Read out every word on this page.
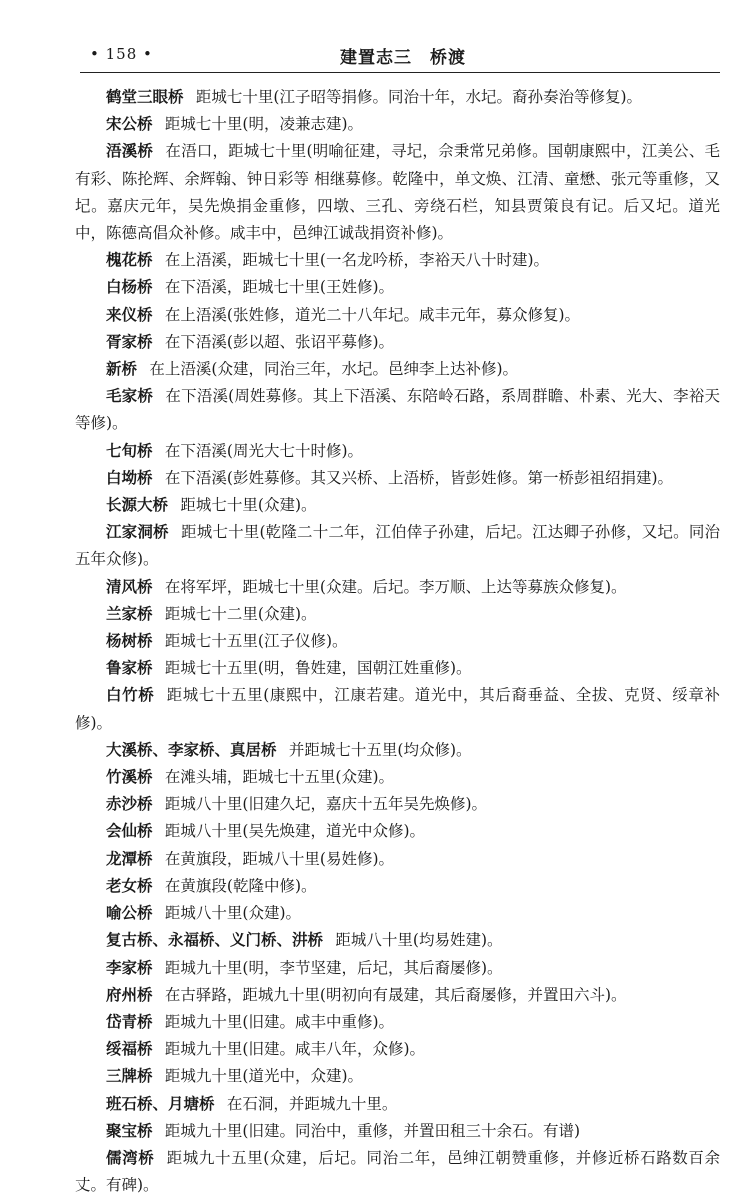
• 158 •	建置志三　桥渡

鹤堂三眼桥 距城七十里(江子昭等捐修。同治十年，水圮。裔孙奏治等修复)。

宋公桥 距城七十里(明，凌兼志建)。

浯溪桥 在浯口，距城七十里(明喻征建，寻圮，佘秉常兄弟修。国朝康熙中，江美公、毛有彩、陈抡辉、余辉翰、钟日彩等 相继募修。乾隆中，单文焕、江清、童懋、张元等重修，又圮。嘉庆元年，吴先焕捐金重修，四墩、三孔、旁绕石栏，知县贾策良有记。后又圮。道光中，陈德高倡众补修。咸丰中，邑绅江诚哉捐资补修)。

槐花桥 在上浯溪，距城七十里(一名龙吟桥，李裕天八十时建)。

白杨桥 在下浯溪，距城七十里(王姓修)。

来仪桥 在上浯溪(张姓修，道光二十八年圮。咸丰元年，募众修复)。

胥家桥 在下浯溪(彭以超、张诏平募修)。

新桥 在上浯溪(众建，同治三年，水圮。邑绅李上达补修)。

毛家桥 在下浯溪(周姓募修。其上下浯溪、东陪岭石路，系周群瞻、朴素、光大、李裕天等修)。

七旬桥 在下浯溪(周光大七十时修)。

白坳桥 在下浯溪(彭姓募修。其又兴桥、上浯桥，皆彭姓修。第一桥彭祖绍捐建)。

长源大桥 距城七十里(众建)。

江家洞桥 距城七十里(乾隆二十二年，江伯倖子孙建，后圮。江达卿子孙修，又圮。同治五年众修)。

清风桥 在将军坪，距城七十里(众建。后圮。李万顺、上达等募族众修复)。

兰家桥 距城七十二里(众建)。

杨树桥 距城七十五里(江子仪修)。

鲁家桥 距城七十五里(明，鲁姓建，国朝江姓重修)。

白竹桥 距城七十五里(康熙中，江康若建。道光中，其后裔垂益、全拔、克贤、绥章补修)。

大溪桥、李家桥、真居桥 并距城七十五里(均众修)。

竹溪桥 在滩头埔，距城七十五里(众建)。

赤沙桥 距城八十里(旧建久圮，嘉庆十五年吴先焕修)。

会仙桥 距城八十里(吴先焕建，道光中众修)。

龙潭桥 在黄旗段，距城八十里(易姓修)。

老女桥 在黄旗段(乾隆中修)。

喻公桥 距城八十里(众建)。

复古桥、永福桥、义门桥、汫桥 距城八十里(均易姓建)。

李家桥 距城九十里(明，李节坚建，后圮，其后裔屡修)。

府州桥 在古驿路，距城九十里(明初向有晟建，其后裔屡修，并置田六斗)。

岱青桥 距城九十里(旧建。咸丰中重修)。

绥福桥 距城九十里(旧建。咸丰八年，众修)。

三牌桥 距城九十里(道光中，众建)。

班石桥、月塘桥 在石洞，并距城九十里。

聚宝桥 距城九十里(旧建。同治中，重修，并置田租三十余石。有谱)

儒湾桥 距城九十五里(众建，后圮。同治二年，邑绅江朝赞重修，并修近桥石路数百余丈。有碑)。
